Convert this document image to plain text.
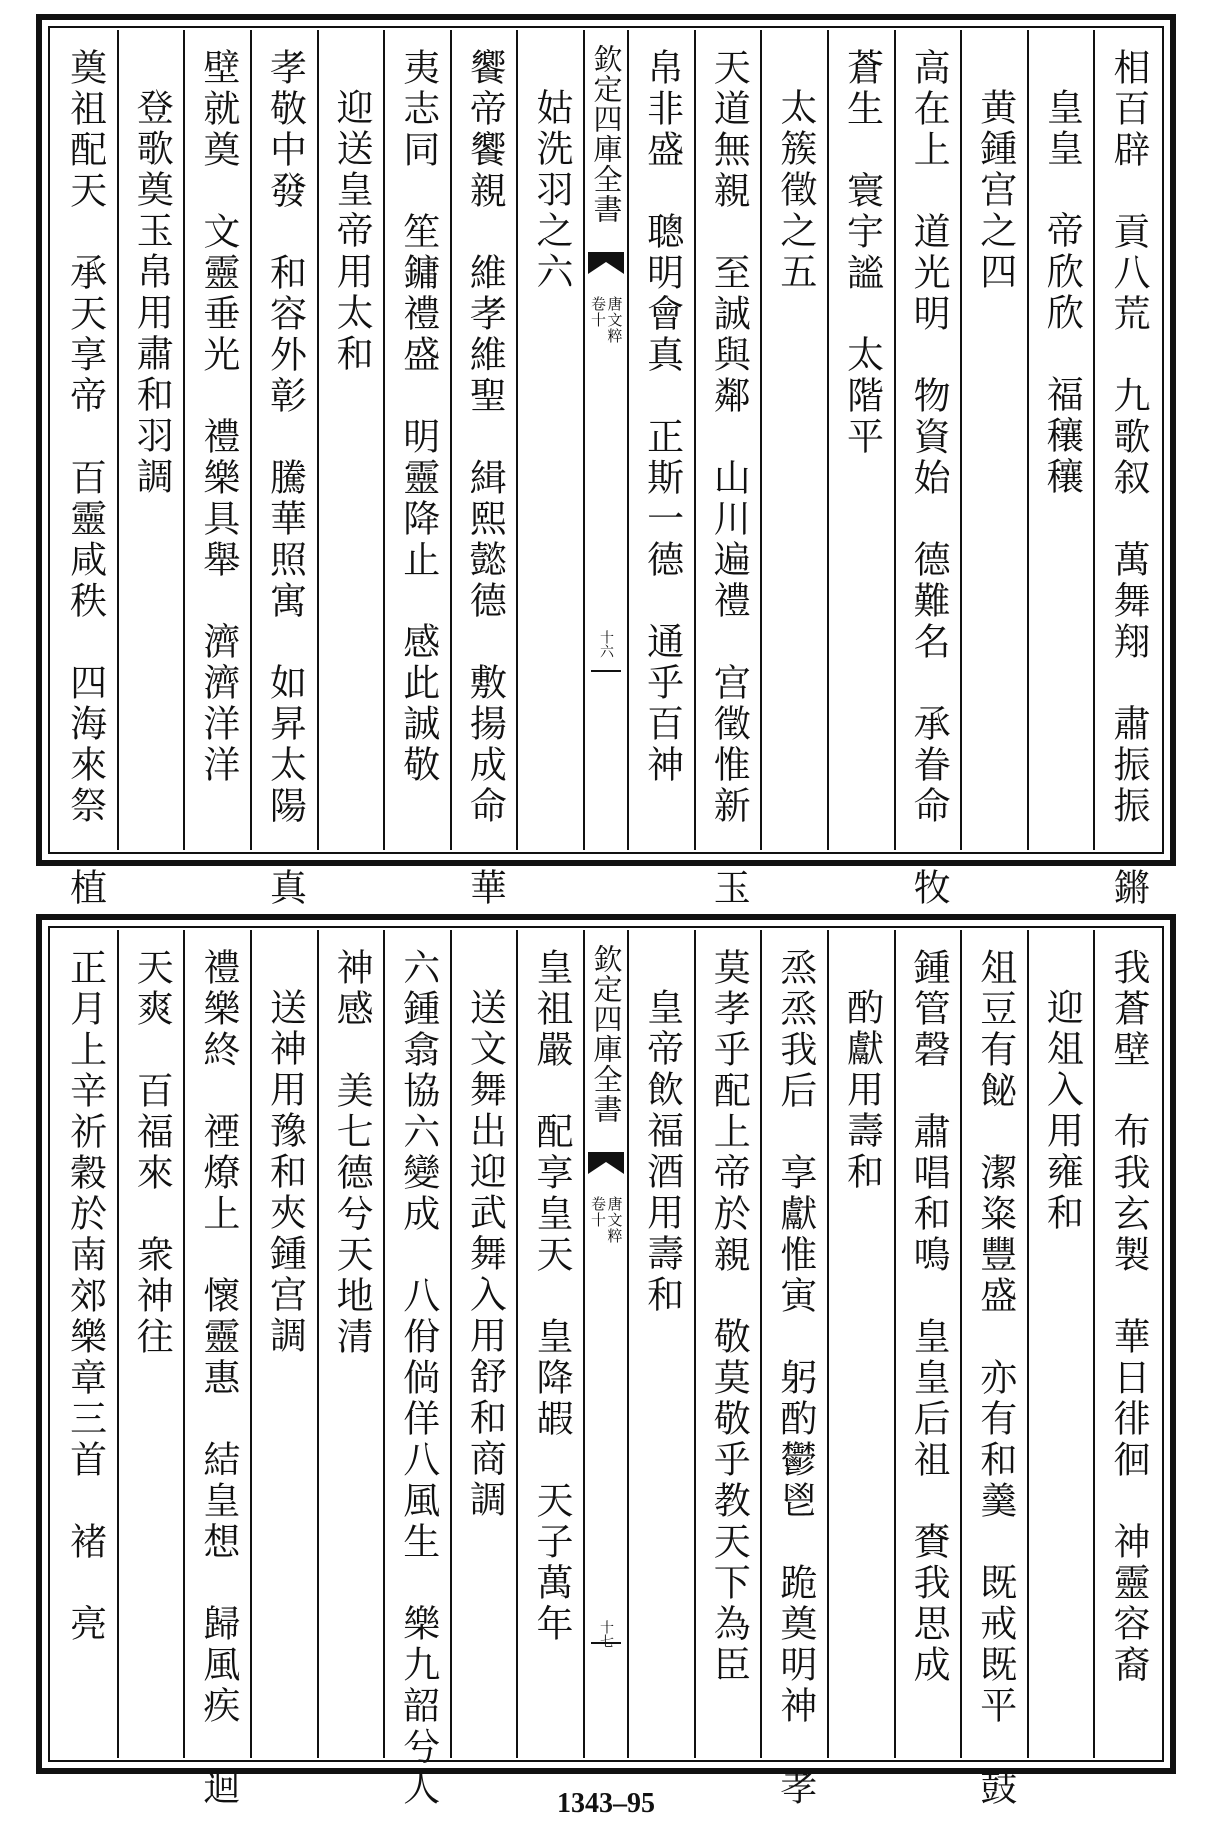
相百辟　貢八荒　九歌叙　萬舞翔　肅振振　鏘
皇皇　帝欣欣　福穰穰
黄鍾宫之四
高在上　道光明　物資始　德難名　承眷命　牧
蒼生　寰宇謐　太階平
太簇徵之五
天道無親　至誠與鄰　山川遍禮　宫徵惟新　玉
帛非盛　聰明會真　正斯一德　通乎百神
欽定四庫全書
唐文粹
卷十
十六
姑洗羽之六
饗帝饗親　維孝維聖　緝熙懿德　敷揚成命　華
夷志同　笙鏞禮盛　明靈降止　感此誠敬
迎送皇帝用太和
孝敬中發　和容外彰　騰華照寓　如昇太陽　真
壁就奠　文靈垂光　禮樂具舉　濟濟洋洋
登歌奠玉帛用肅和羽調
奠祖配天　承天享帝　百靈咸秩　四海來祭　植
我蒼壁　布我玄製　華日徘徊　神靈容裔
迎俎入用雍和
俎豆有飶　潔粢豐盛　亦有和羹　既戒既平　鼓
鍾管磬　肅唱和鳴　皇皇后祖　賚我思成
酌獻用壽和
烝烝我后　享獻惟寅　躬酌鬱鬯　跪奠明神　孝
莫孝乎配上帝於親　敬莫敬乎教天下為臣
皇帝飲福酒用壽和
欽定四庫全書
唐文粹
卷十
十七
皇祖嚴　配享皇天　皇降嘏　天子萬年
送文舞出迎武舞入用舒和商調
六鍾翕協六變成　八佾倘佯八風生　樂九韶兮人
神感　美七德兮天地清
送神用豫和夾鍾宫調
禮樂終　禋燎上　懷靈惠　結皇想　歸風疾　迴
天爽　百福來　衆神往
正月上辛祈穀於南郊樂章三首　褚　亮
1343–95
